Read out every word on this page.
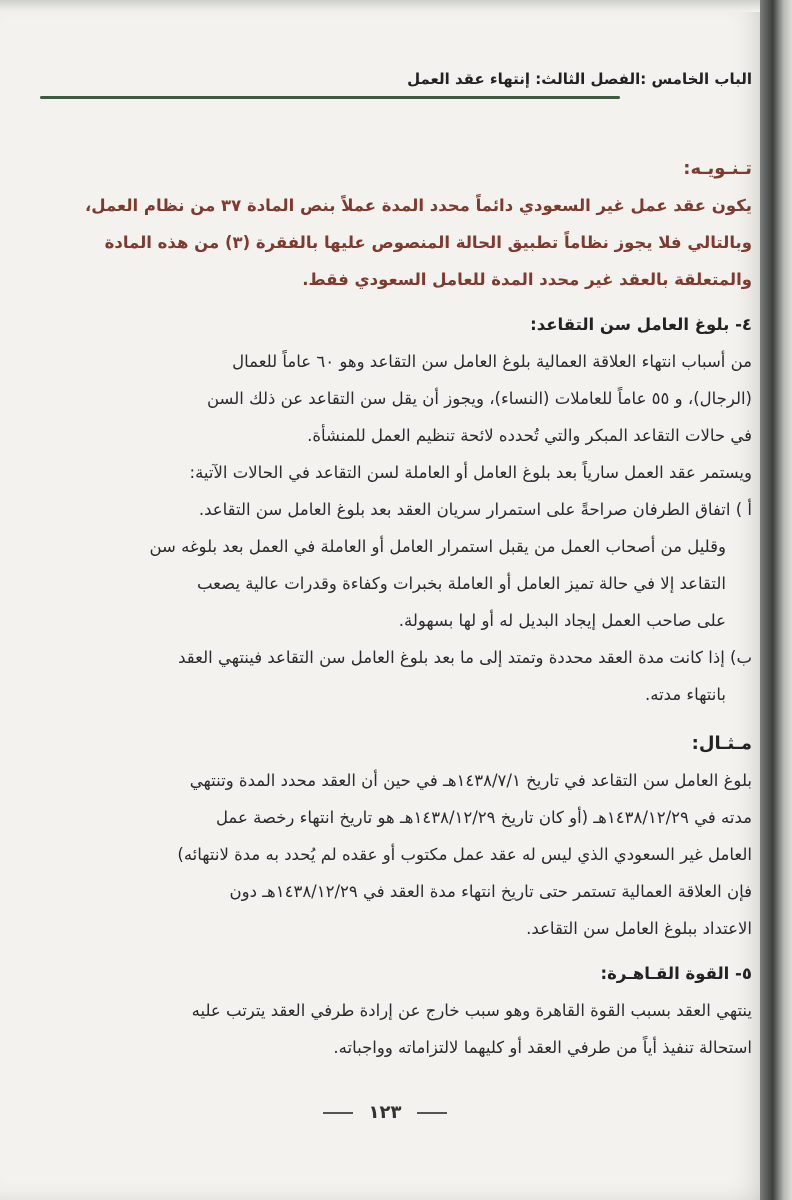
الباب الخامس :الفصل الثالث: إنتهاء عقد العمل

تـنـويـه:

يكون عقد عمل غير السعودي دائماً محدد المدة عملاً بنص المادة ٣٧ من نظام العمل،

وبالتالي فلا يجوز نظاماً تطبيق الحالة المنصوص عليها بالفقرة (٣) من هذه المادة

والمتعلقة بالعقد غير محدد المدة للعامل السعودي فقط.

٤- بلوغ العامل سن التقاعد:

من أسباب انتهاء العلاقة العمالية بلوغ العامل سن التقاعد وهو ٦٠ عاماً للعمال

(الرجال)، و ٥٥ عاماً للعاملات (النساء)، ويجوز أن يقل سن التقاعد عن ذلك السن

في حالات التقاعد المبكر والتي تُحدده لائحة تنظيم العمل للمنشأة.

ويستمر عقد العمل سارياً بعد بلوغ العامل أو العاملة لسن التقاعد في الحالات الآتية:

أ ) اتفاق الطرفان صراحةً على استمرار سريان العقد بعد بلوغ العامل سن التقاعد.

وقليل من أصحاب العمل من يقبل استمرار العامل أو العاملة في العمل بعد بلوغه سن

التقاعد إلا في حالة تميز العامل أو العاملة بخبرات وكفاءة وقدرات عالية يصعب

على صاحب العمل إيجاد البديل له أو لها بسهولة.

ب) إذا كانت مدة العقد محددة وتمتد إلى ما بعد بلوغ العامل سن التقاعد فينتهي العقد

بانتهاء مدته.

مـثـال:

بلوغ العامل سن التقاعد في تاريخ ١٤٣٨/٧/١هـ في حين أن العقد محدد المدة وتنتهي

مدته في ١٤٣٨/١٢/٢٩هـ (أو كان تاريخ ١٤٣٨/١٢/٢٩هـ هو تاريخ انتهاء رخصة عمل

العامل غير السعودي الذي ليس له عقد عمل مكتوب أو عقده لم يُحدد به مدة لانتهائه)

فإن العلاقة العمالية تستمر حتى تاريخ انتهاء مدة العقد في ١٤٣٨/١٢/٢٩هـ دون

الاعتداد ببلوغ العامل سن التقاعد.

٥- القوة القـاهـرة:

ينتهي العقد بسبب القوة القاهرة وهو سبب خارج عن إرادة طرفي العقد يترتب عليه

استحالة تنفيذ أياً من طرفي العقد أو كليهما لالتزاماته وواجباته.

١٢٣
